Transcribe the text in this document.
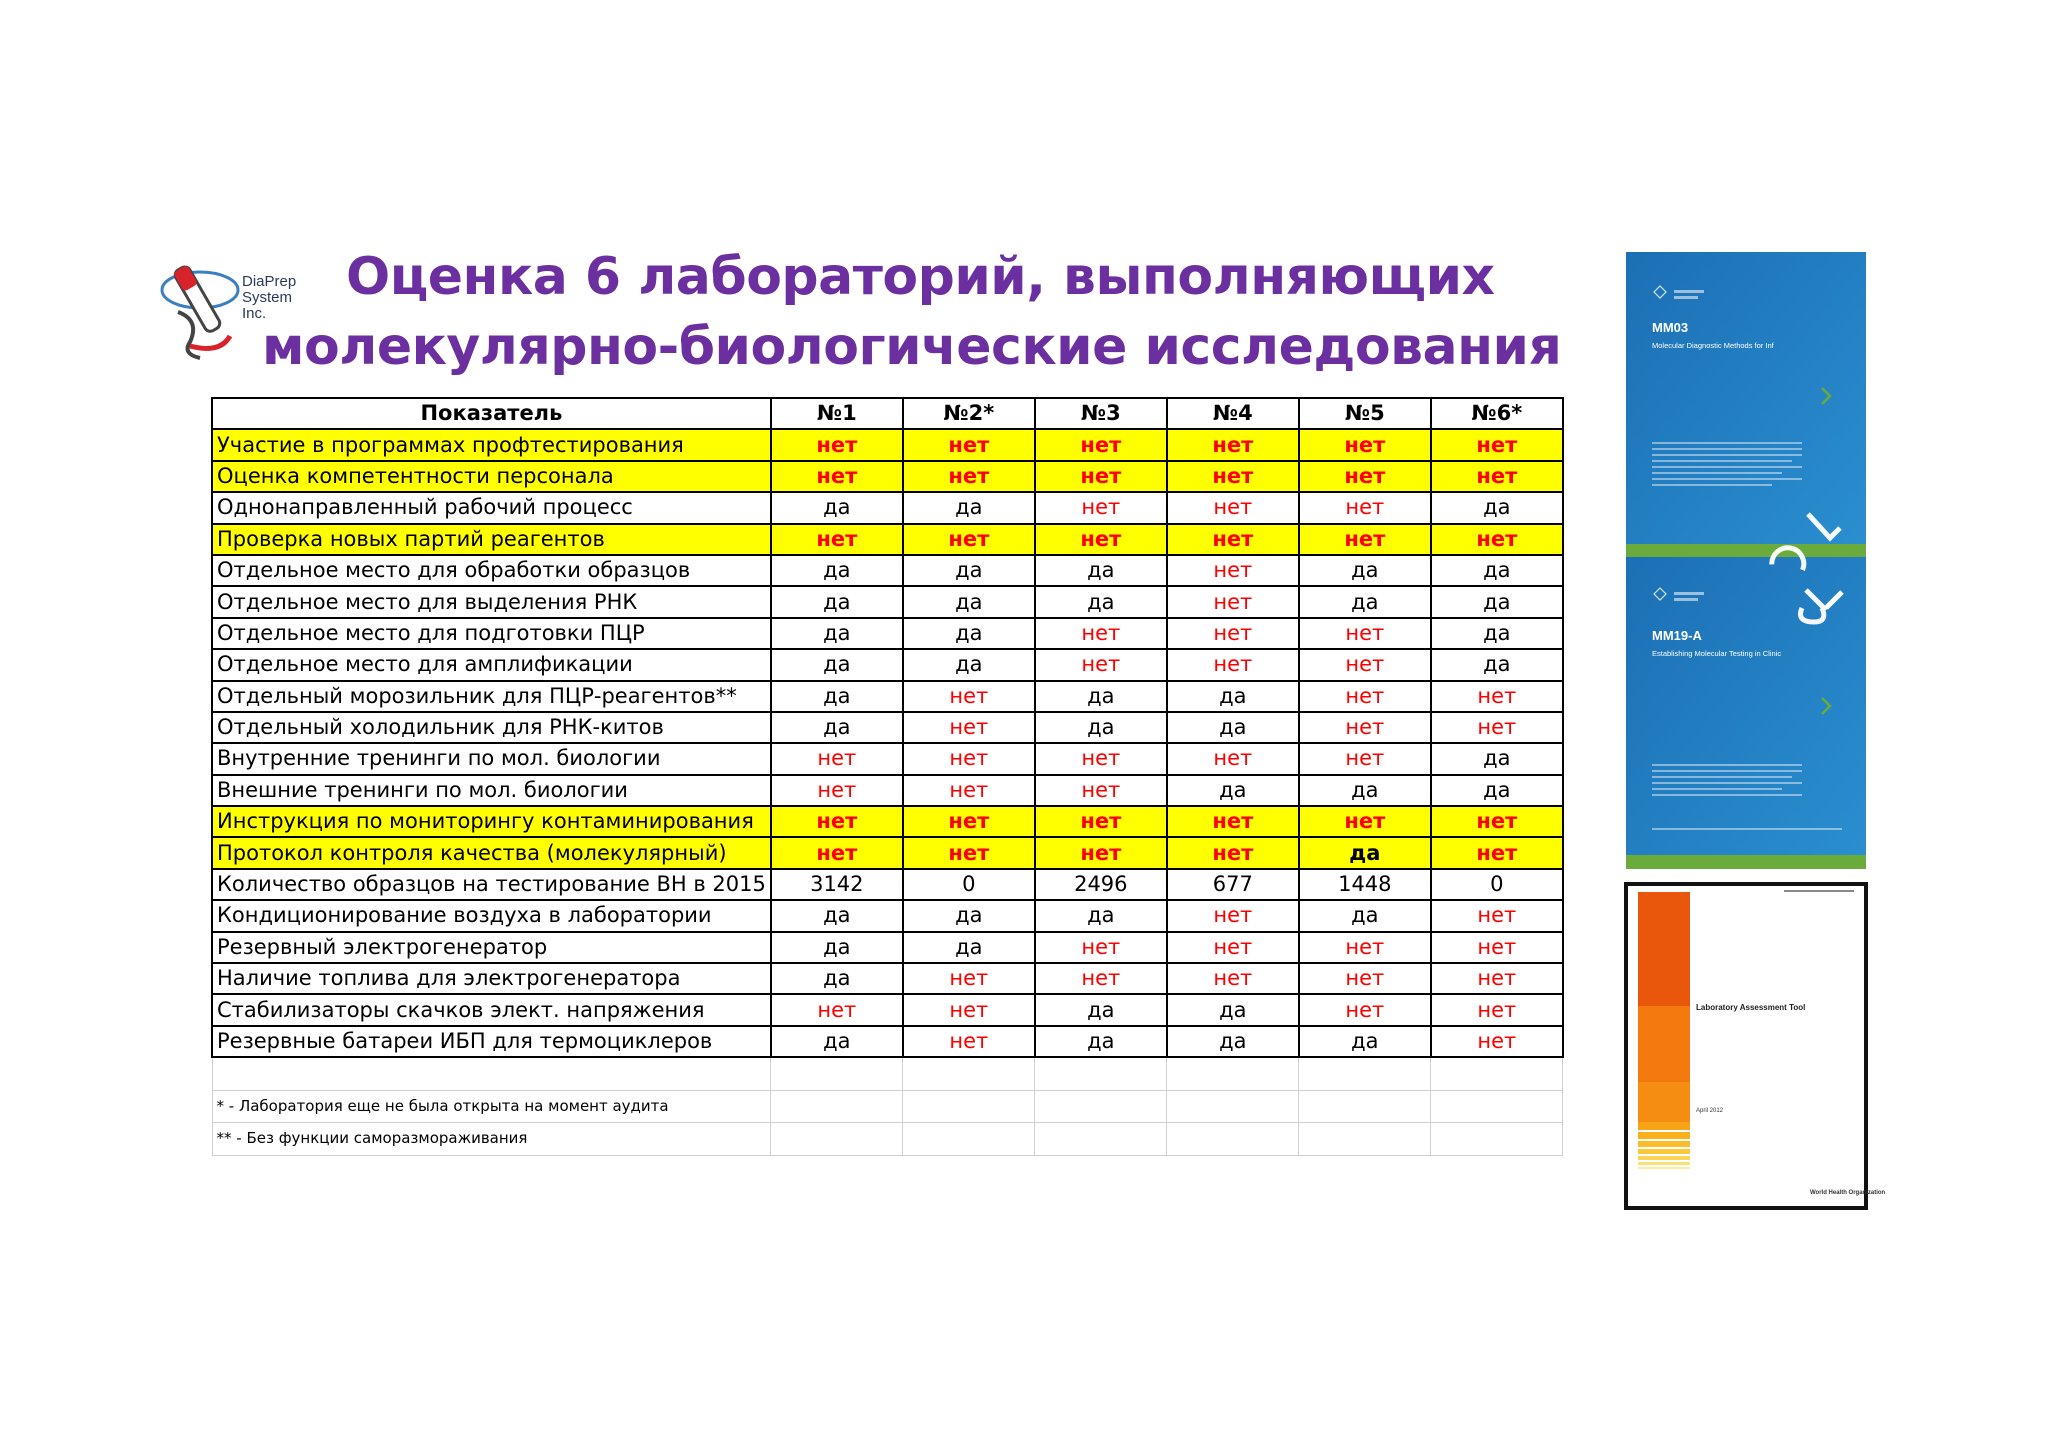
DiaPrep
System Inc.
Оценка 6 лабораторий, выполняющих
молекулярно-биологические исследования
Показатель	№1	№2*	№3	№4	№5	№6*
Участие в программах профтестирования	нет	нет	нет	нет	нет	нет
Оценка компетентности персонала	нет	нет	нет	нет	нет	нет
Однонаправленный рабочий процесс	да	да	нет	нет	нет	да
Проверка новых партий реагентов	нет	нет	нет	нет	нет	нет
Отдельное место для обработки образцов	да	да	да	нет	да	да
Отдельное место для выделения РНК	да	да	да	нет	да	да
Отдельное место для подготовки ПЦР	да	да	нет	нет	нет	да
Отдельное место для амплификации	да	да	нет	нет	нет	да
Отдельный морозильник для ПЦР-реагентов**	да	нет	да	да	нет	нет
Отдельный холодильник для РНК-китов	да	нет	да	да	нет	нет
Внутренние тренинги по мол. биологии	нет	нет	нет	нет	нет	да
Внешние тренинги по мол. биологии	нет	нет	нет	да	да	да
Инструкция по мониторингу контаминирования	нет	нет	нет	нет	нет	нет
Протокол контроля качества (молекулярный)	нет	нет	нет	нет	да	нет
Количество образцов на тестирование ВН в 2015	3142	0	2496	677	1448	0
Кондиционирование воздуха в лаборатории	да	да	да	нет	да	нет
Резервный электрогенератор	да	да	нет	нет	нет	нет
Наличие топлива для электрогенератора	да	нет	нет	нет	нет	нет
Стабилизаторы скачков элект. напряжения	нет	нет	да	да	нет	нет
Резервные батареи ИБП для термоциклеров	да	нет	да	да	да	нет

* - Лаборатория еще не была открыта на момент аудита						
** - Без функции саморазмораживания						
MM03
Molecular Diagnostic Methods for Inf
MM19-A
Establishing Molecular Testing in Clinic
Laboratory Assessment Tool
April 2012
World Health Organization
